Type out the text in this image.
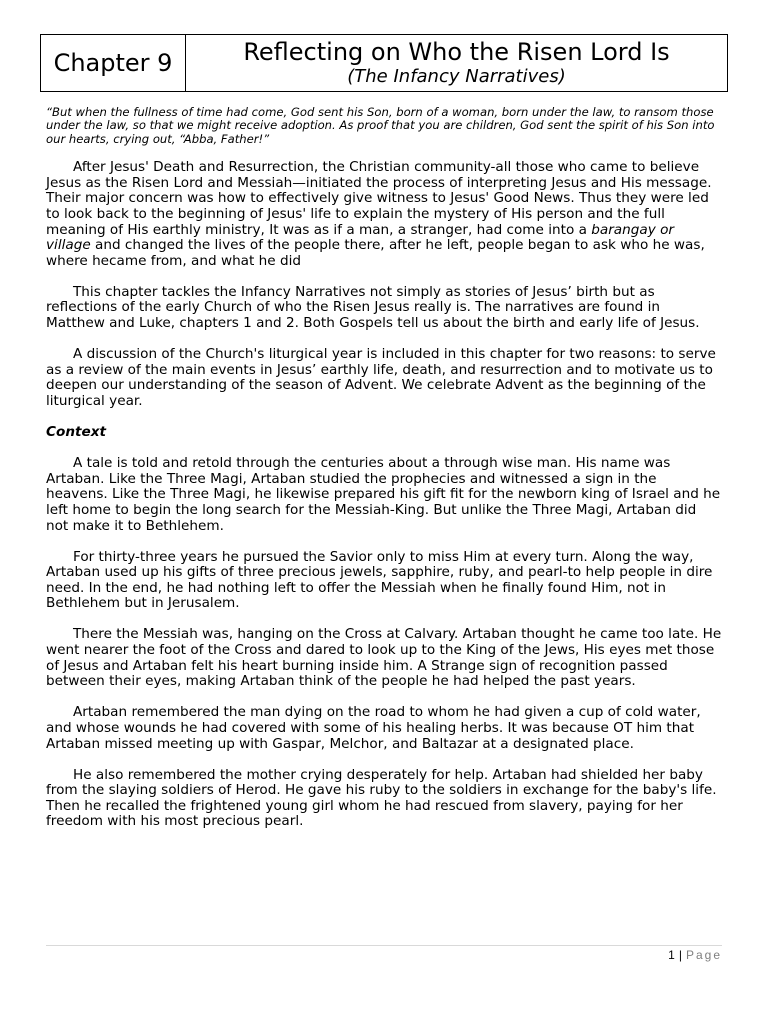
Chapter 9	Reflecting on Who the Risen Lord Is
(The Infancy Narratives)

“But when the fullness of time had come, God sent his Son, born of a woman, born under the law, to ransom those under the law, so that we might receive adoption. As proof that you are children, God sent the spirit of his Son into our hearts, crying out, “Abba, Father!”

After Jesus' Death and Resurrection, the Christian community-all those who came to believe Jesus as the Risen Lord and Messiah—initiated the process of interpreting Jesus and His message. Their major concern was how to effectively give witness to Jesus' Good News. Thus they were led to look back to the beginning of Jesus' life to explain the mystery of His person and the full meaning of His earthly ministry, It was as if a man, a stranger, had come into a barangay or village and changed the lives of the people there, after he left, people began to ask who he was, where hecame from, and what he did

This chapter tackles the Infancy Narratives not simply as stories of Jesus’ birth but as reflections of the early Church of who the Risen Jesus really is. The narratives are found in Matthew and Luke, chapters 1 and 2. Both Gospels tell us about the birth and early life of Jesus.

A discussion of the Church's liturgical year is included in this chapter for two reasons: to serve as a review of the main events in Jesus’ earthly life, death, and resurrection and to motivate us to deepen our understanding of the season of Advent. We celebrate Advent as the beginning of the liturgical year.

Context

A tale is told and retold through the centuries about a through wise man. His name was Artaban. Like the Three Magi, Artaban studied the prophecies and witnessed a sign in the heavens. Like the Three Magi, he likewise prepared his gift fit for the newborn king of Israel and he left home to begin the long search for the Messiah-King. But unlike the Three Magi, Artaban did not make it to Bethlehem.

For thirty-three years he pursued the Savior only to miss Him at every turn. Along the way, Artaban used up his gifts of three precious jewels, sapphire, ruby, and pearl-to help people in dire need. In the end, he had nothing left to offer the Messiah when he finally found Him, not in Bethlehem but in Jerusalem.

There the Messiah was, hanging on the Cross at Calvary. Artaban thought he came too late. He went nearer the foot of the Cross and dared to look up to the King of the Jews, His eyes met those of Jesus and Artaban felt his heart burning inside him. A Strange sign of recognition passed between their eyes, making Artaban think of the people he had helped the past years.

Artaban remembered the man dying on the road to whom he had given a cup of cold water, and whose wounds he had covered with some of his healing herbs. It was because OT him that Artaban missed meeting up with Gaspar, Melchor, and Baltazar at a designated place.

He also remembered the mother crying desperately for help. Artaban had shielded her baby from the slaying soldiers of Herod. He gave his ruby to the soldiers in exchange for the baby's life. Then he recalled the frightened young girl whom he had rescued from slavery, paying for her freedom with his most precious pearl.

1 | Page
